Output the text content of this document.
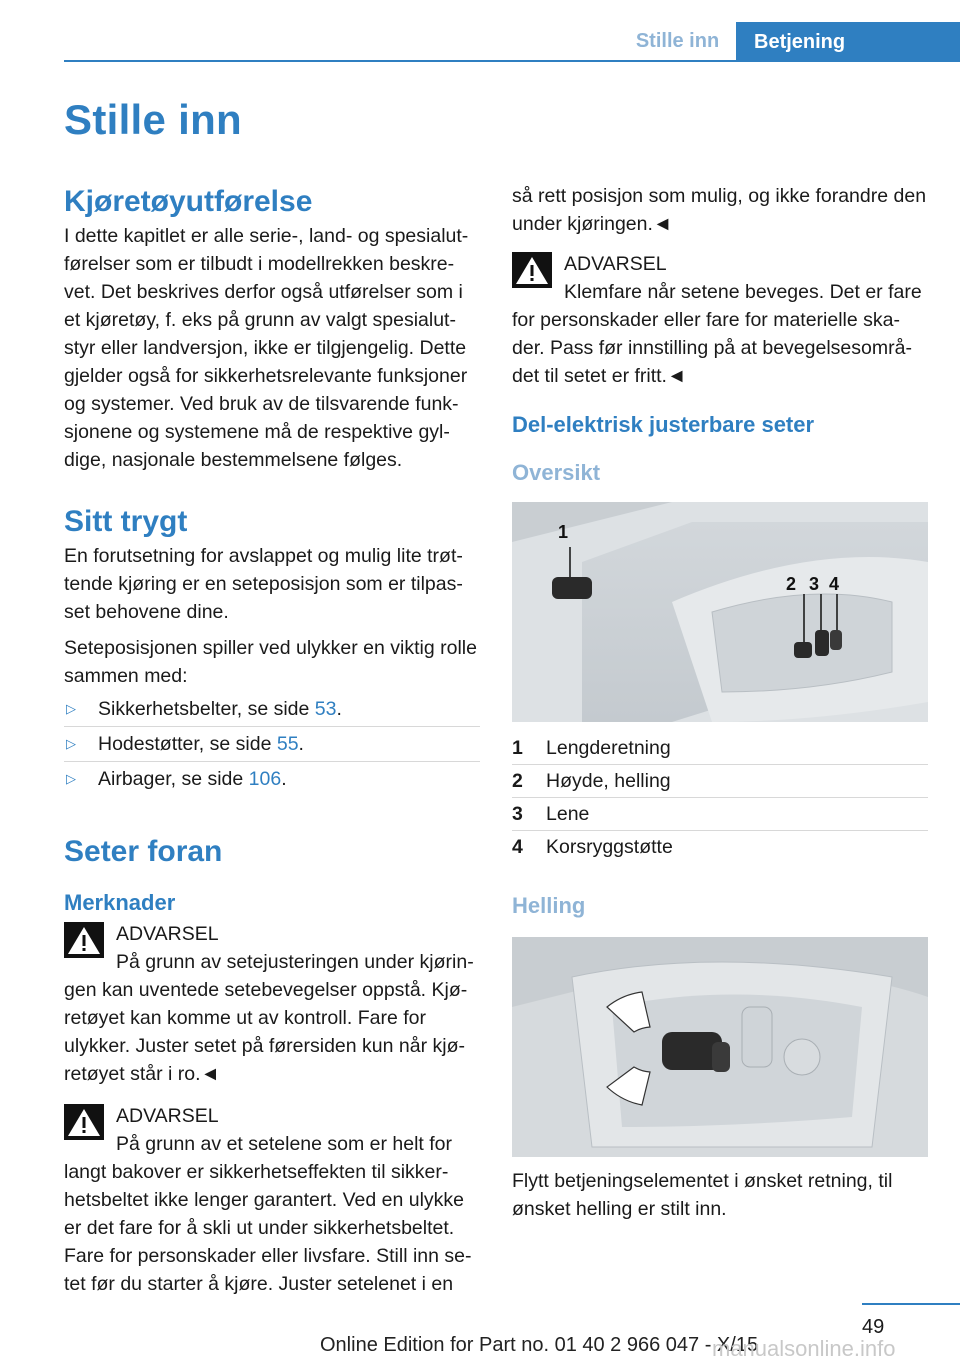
Stille inn	Betjening
Stille inn
Kjøretøyutførelse

I dette kapitlet er alle serie-, land- og spesialut-førelser som er tilbudt i modellrekken beskre-vet. Det beskrives derfor også utførelser som i et kjøretøy, f. eks på grunn av valgt spesialut-styr eller landversjon, ikke er tilgjengelig. Dette gjelder også for sikkerhetsrelevante funksjoner og systemer. Ved bruk av de tilsvarende funk-sjonene og systemene må de respektive gyl-dige, nasjonale bestemmelsene følges.

Sitt trygt

En forutsetning for avslappet og mulig lite trøt-tende kjøring er en seteposisjon som er tilpas-set behovene dine.

Seteposisjonen spiller ved ulykker en viktig rolle sammen med:

▷ Sikkerhetsbelter, se side 53.
▷ Hodestøtter, se side 55.
▷ Airbager, se side 106.
Seter foran
Merknader
ADVARSEL

På grunn av setejusteringen under kjørin-gen kan uventede setebevegelser oppstå. Kjø-retøyet kan komme ut av kontroll. Fare for ulykker. Juster setet på førersiden kun når kjø-retøyet står i ro.◄

ADVARSEL

På grunn av et setelene som er helt for langt bakover er sikkerhetseffekten til sikker-hetsbeltet ikke lenger garantert. Ved en ulykke er det fare for å skli ut under sikkerhetsbeltet. Fare for personskader eller livsfare. Still inn se-tet før du starter å kjøre. Juster setelenet i en

så rett posisjon som mulig, og ikke forandre den under kjøringen.◄

ADVARSEL

Klemfare når setene beveges. Det er fare for personskader eller fare for materielle ska-der. Pass før innstilling på at bevegelsesområ-det til setet er fritt.◄

Del-elektrisk justerbare seter
Oversikt
1
2 3 4
1 Lengderetning
2 Høyde, helling
3 Lene
4 Korsryggstøtte
Helling

Flytt betjeningselementet i ønsket retning, til ønsket helling er stilt inn.

49
Online Edition for Part no. 01 40 2 966 047 - X/15
manualsonline.info
